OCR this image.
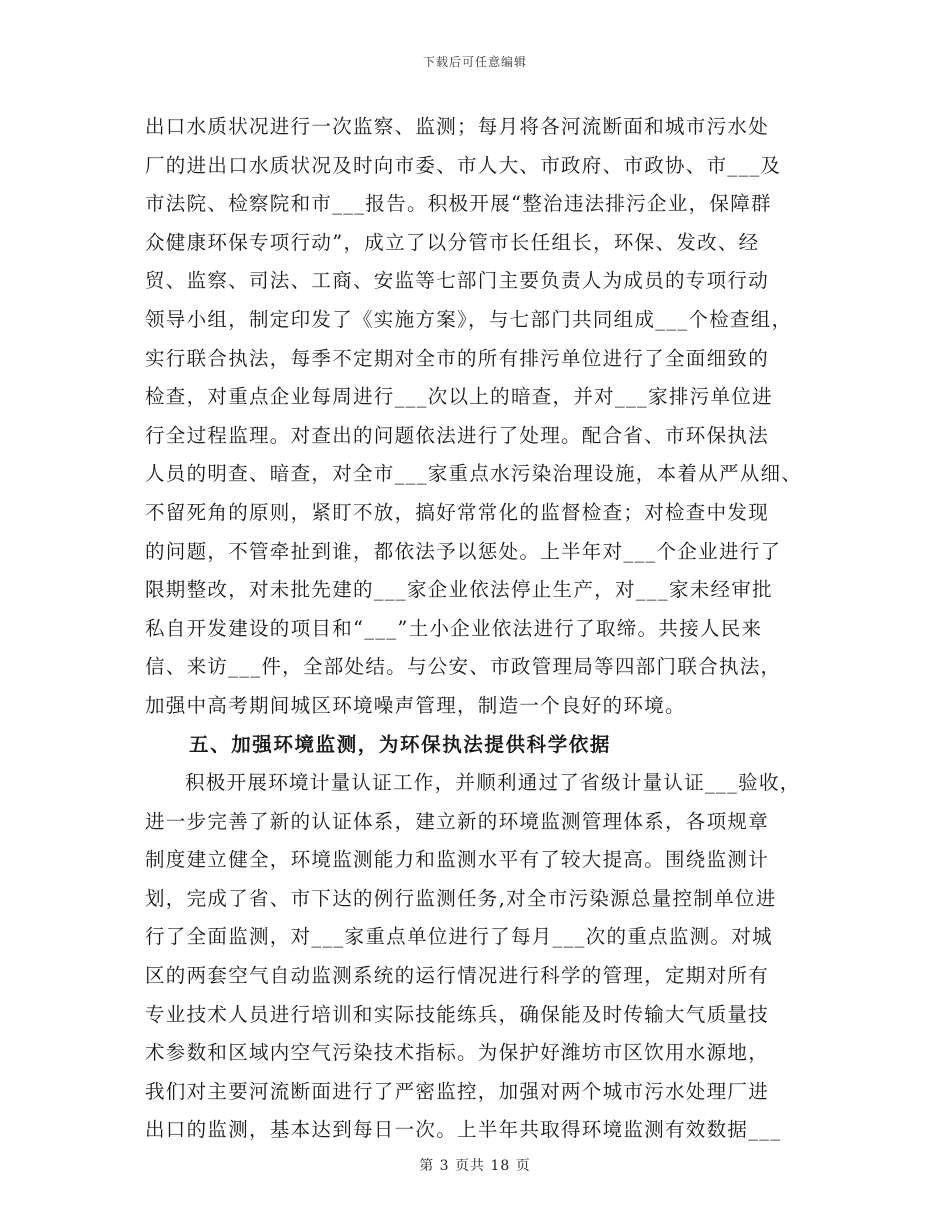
下载后可任意编辑
出口水质状况进行一次监察、监测；每月将各河流断面和城市污水处
厂的进出口水质状况及时向市委、市人大、市政府、市政协、市___及
市法院、检察院和市___报告。积极开展“整治违法排污企业，保障群
众健康环保专项行动”，成立了以分管市长任组长，环保、发改、经
贸、监察、司法、工商、安监等七部门主要负责人为成员的专项行动
领导小组，制定印发了《实施方案》，与七部门共同组成___个检查组，
实行联合执法，每季不定期对全市的所有排污单位进行了全面细致的
检查，对重点企业每周进行___次以上的暗查，并对___家排污单位进
行全过程监理。对查出的问题依法进行了处理。配合省、市环保执法
人员的明查、暗查，对全市___家重点水污染治理设施，本着从严从细、
不留死角的原则，紧盯不放，搞好常常化的监督检查；对检查中发现
的问题，不管牵扯到谁，都依法予以惩处。上半年对___个企业进行了
限期整改，对未批先建的___家企业依法停止生产，对___家未经审批
私自开发建设的项目和“___”土小企业依法进行了取缔。共接人民来
信、来访___件，全部处结。与公安、市政管理局等四部门联合执法，
加强中高考期间城区环境噪声管理，制造一个良好的环境。
五、加强环境监测，为环保执法提供科学依据
积极开展环境计量认证工作，并顺利通过了省级计量认证___验收，
进一步完善了新的认证体系，建立新的环境监测管理体系，各项规章
制度建立健全，环境监测能力和监测水平有了较大提高。围绕监测计
划，完成了省、市下达的例行监测任务,对全市污染源总量控制单位进
行了全面监测，对___家重点单位进行了每月___次的重点监测。对城
区的两套空气自动监测系统的运行情况进行科学的管理，定期对所有
专业技术人员进行培训和实际技能练兵，确保能及时传输大气质量技
术参数和区域内空气污染技术指标。为保护好潍坊市区饮用水源地，
我们对主要河流断面进行了严密监控，加强对两个城市污水处理厂进
出口的监测，基本达到每日一次。上半年共取得环境监测有效数据___
第 3 页共 18 页
